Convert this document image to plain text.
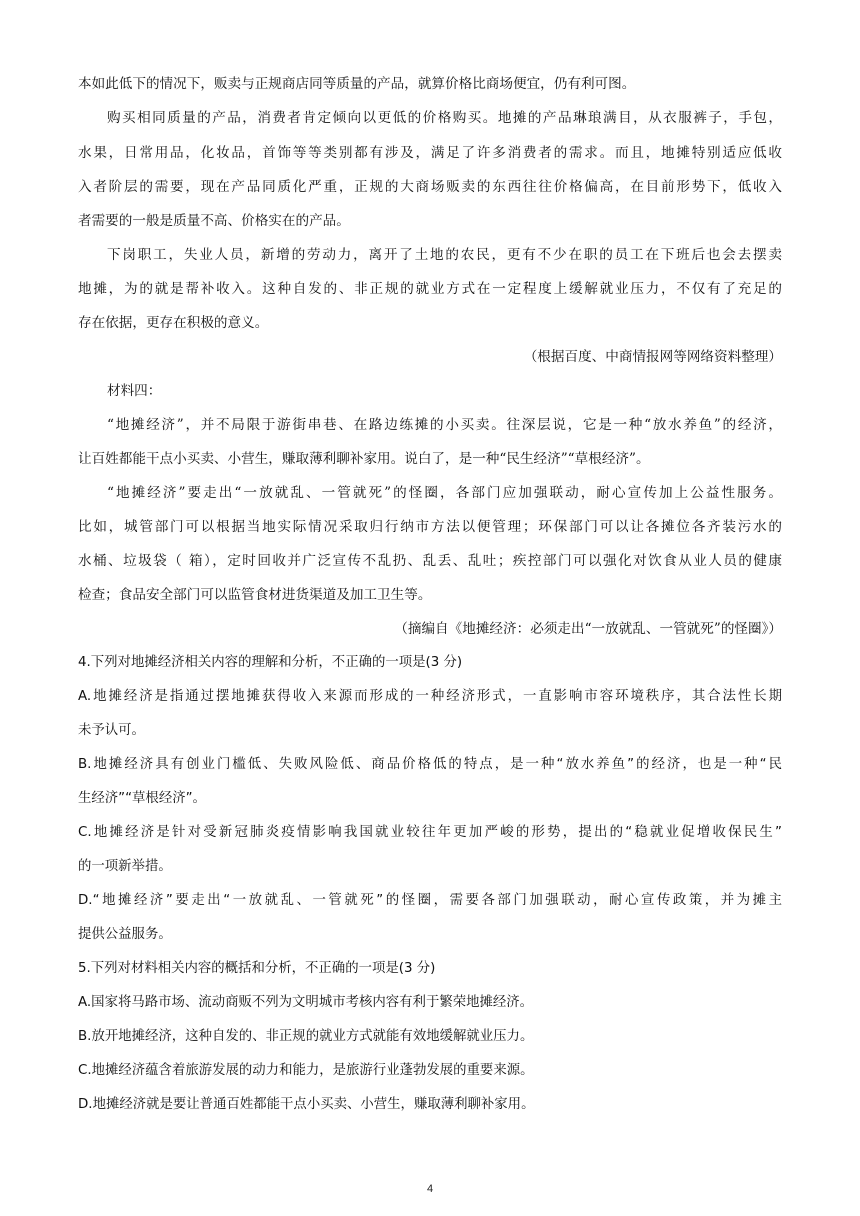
本如此低下的情况下，贩卖与正规商店同等质量的产品，就算价格比商场便宜，仍有利可图。
购买相同质量的产品，消费者肯定倾向以更低的价格购买。地摊的产品琳琅满目，从衣服裤子，手包，
水果，日常用品，化妆品，首饰等等类别都有涉及，满足了许多消费者的需求。而且，地摊特别适应低收
入者阶层的需要，现在产品同质化严重，正规的大商场贩卖的东西往往价格偏高，在目前形势下，低收入
者需要的一般是质量不高、价格实在的产品。
下岗职工，失业人员，新增的劳动力，离开了土地的农民，更有不少在职的员工在下班后也会去摆卖
地摊，为的就是帮补收入。这种自发的、非正规的就业方式在一定程度上缓解就业压力，不仅有了充足的
存在依据，更存在积极的意义。
（根据百度、中商情报网等网络资料整理）
材料四：
“地摊经济”，并不局限于游街串巷、在路边练摊的小买卖。往深层说，它是一种“放水养鱼”的经济，
让百姓都能干点小买卖、小营生，赚取薄利聊补家用。说白了，是一种“民生经济”“草根经济”。
“地摊经济”要走出“一放就乱、一管就死”的怪圈，各部门应加强联动，耐心宣传加上公益性服务。
比如，城管部门可以根据当地实际情况采取归行纳市方法以便管理；环保部门可以让各摊位各齐装污水的
水桶、垃圾袋（ 箱），定时回收并广泛宣传不乱扔、乱丢、乱吐；疾控部门可以强化对饮食从业人员的健康
检查；食品安全部门可以监管食材进货渠道及加工卫生等。
（摘编自《地摊经济：必须走出“一放就乱、一管就死”的怪圈》）
4.下列对地摊经济相关内容的理解和分析，不正确的一项是(3 分)
A.地摊经济是指通过摆地摊获得收入来源而形成的一种经济形式，一直影响市容环境秩序，其合法性长期
未予认可。
B.地摊经济具有创业门槛低、失败风险低、商品价格低的特点，是一种“放水养鱼”的经济，也是一种“民
生经济”“草根经济”。
C.地摊经济是针对受新冠肺炎疫情影响我国就业较往年更加严峻的形势，提出的“稳就业促增收保民生”
的一项新举措。
D.“地摊经济”要走出“一放就乱、一管就死”的怪圈，需要各部门加强联动，耐心宣传政策，并为摊主
提供公益服务。
5.下列对材料相关内容的概括和分析，不正确的一项是(3 分)
A.国家将马路市场、流动商贩不列为文明城市考核内容有利于繁荣地摊经济。
B.放开地摊经济，这种自发的、非正规的就业方式就能有效地缓解就业压力。
C.地摊经济蕴含着旅游发展的动力和能力，是旅游行业蓬勃发展的重要来源。
D.地摊经济就是要让普通百姓都能干点小买卖、小营生，赚取薄利聊补家用。
4
